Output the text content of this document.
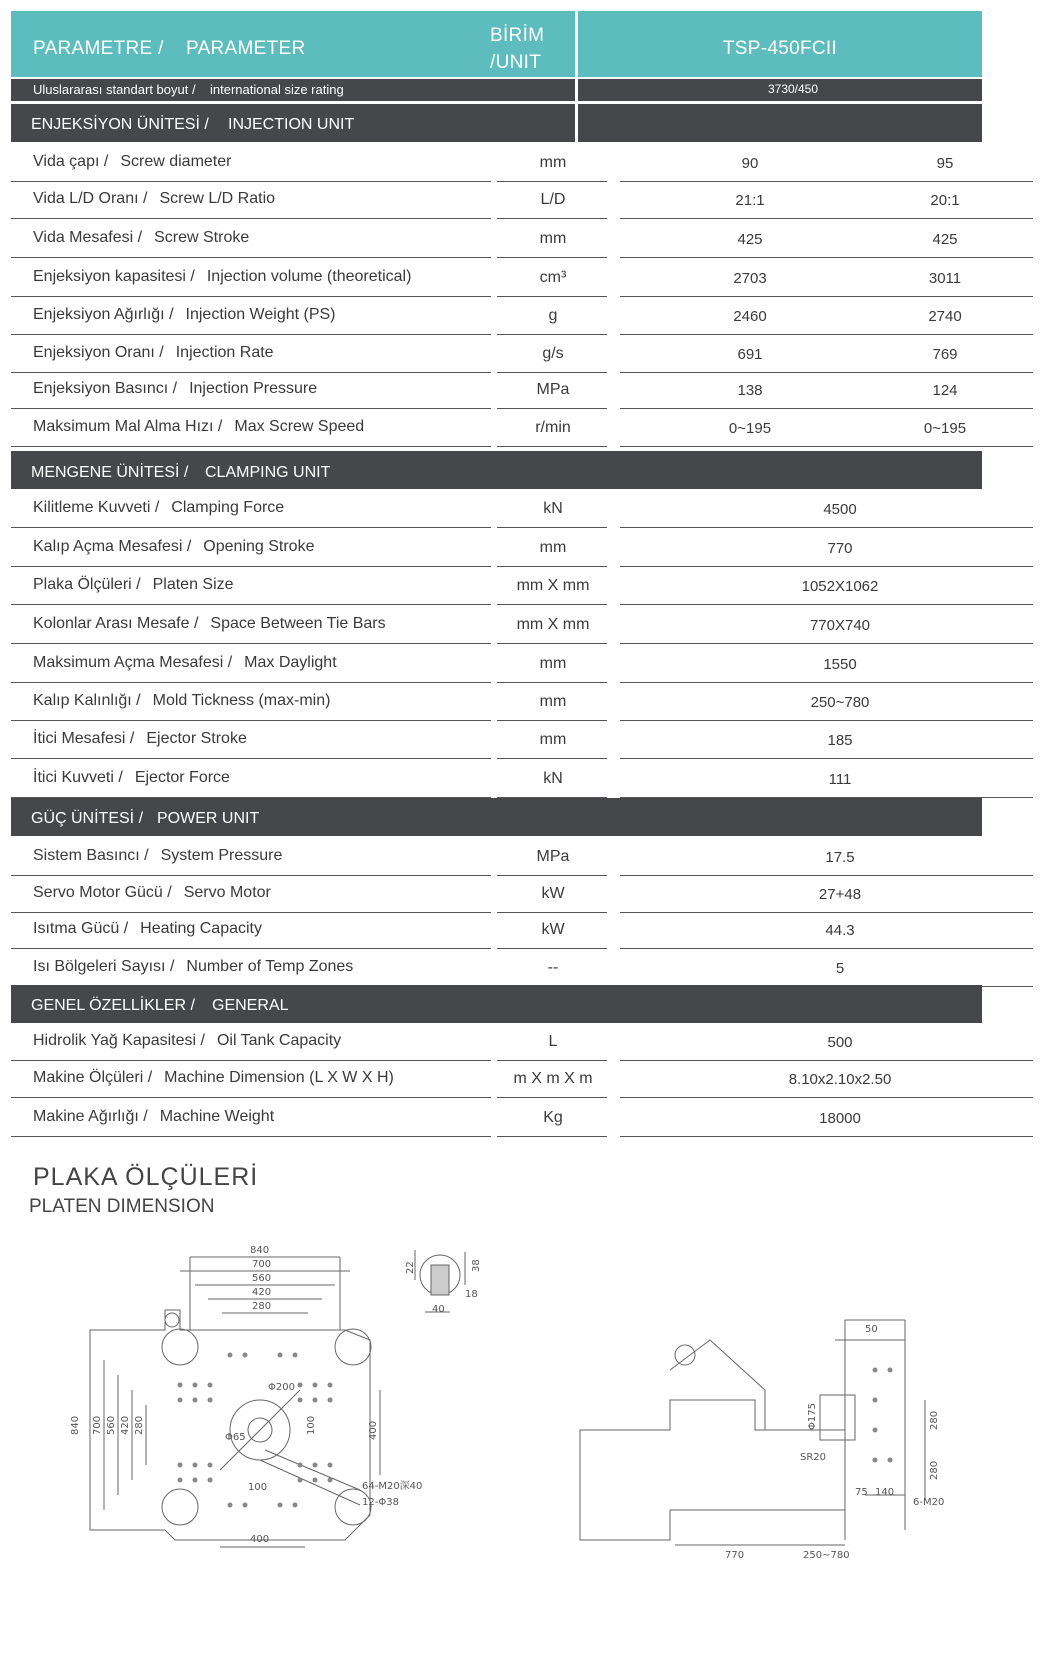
PARAMETRE / PARAMETER
BİRİM
/UNIT
TSP-450FCII
Uluslararası standart boyut / international size rating	3730/450
ENJEKSİYON ÜNİTESİ / INJECTION UNIT
Vida çapı / Screw diameter	mm	90	95
Vida L/D Oranı / Screw L/D Ratio	L/D	21:1	20:1
Vida Mesafesi / Screw Stroke	mm	425	425
Enjeksiyon kapasitesi / Injection volume (theoretical)	cm³	2703	3011
Enjeksiyon Ağırlığı / Injection Weight (PS)	g	2460	2740
Enjeksiyon Oranı / Injection Rate	g/s	691	769
Enjeksiyon Basıncı / Injection Pressure	MPa	138	124
Maksimum Mal Alma Hızı / Max Screw Speed	r/min	0~195	0~195
MENGENE ÜNİTESİ / CLAMPING UNIT
Kilitleme Kuvveti / Clamping Force	kN	4500
Kalıp Açma Mesafesi / Opening Stroke	mm	770
Plaka Ölçüleri / Platen Size	mm X mm	1052X1062
Kolonlar Arası Mesafe / Space Between Tie Bars	mm X mm	770X740
Maksimum Açma Mesafesi / Max Daylight	mm	1550
Kalıp Kalınlığı / Mold Tickness (max-min)	mm	250~780
İtici Mesafesi / Ejector Stroke	mm	185
İtici Kuvveti / Ejector Force	kN	111
GÜÇ ÜNİTESİ / POWER UNIT
Sistem Basıncı / System Pressure	MPa	17.5
Servo Motor Gücü / Servo Motor	kW	27+48
Isıtma Gücü / Heating Capacity	kW	44.3
Isı Bölgeleri Sayısı / Number of Temp Zones	--	5
GENEL ÖZELLİKLER / GENERAL
Hidrolik Yağ Kapasitesi / Oil Tank Capacity	L	500
Makine Ölçüleri / Machine Dimension (L X W X H)	m X m X m	8.10x2.10x2.50
Makine Ağırlığı / Machine Weight	Kg	18000
PLAKA ÖLÇÜLERİ
PLATEN DIMENSION
840
700
560
420
280
840 700 560 420 280
Φ200
Φ65
100
100	400
400
64-M20深40
12-Φ38
22	38
18
40
50
Φ175
SR20
280
280
75 140
6-M20
770	250~780
